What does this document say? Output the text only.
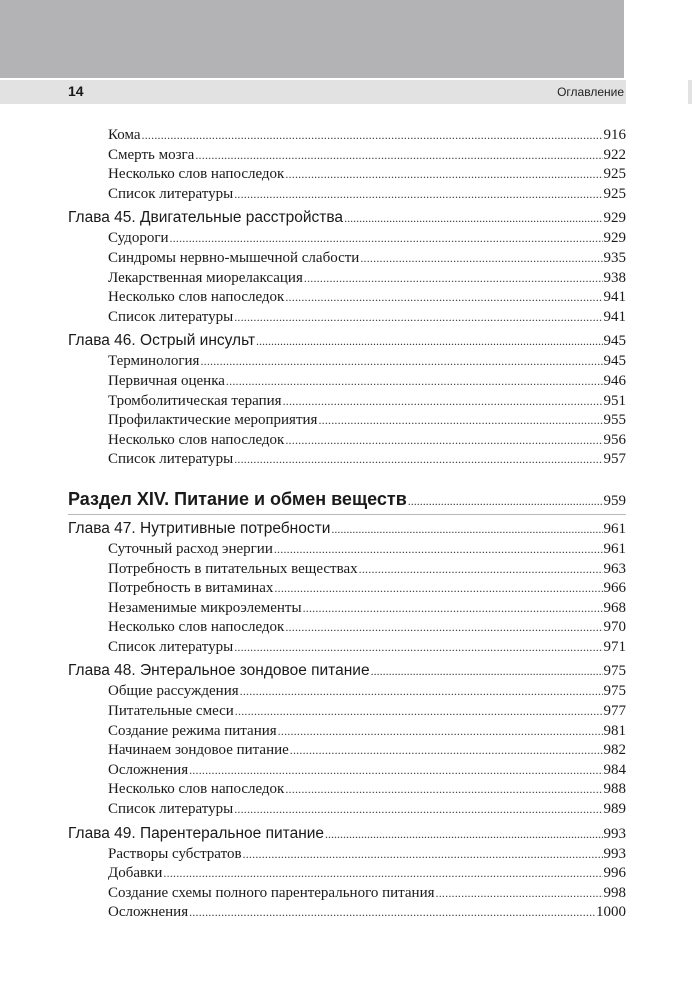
14	Оглавление
Кома .....	916
Смерть мозга .....	922
Несколько слов напоследок .....	925
Список литературы .....	925
Глава 45. Двигательные расстройства .....	929
Судороги .....	929
Синдромы нервно-мышечной слабости .....	935
Лекарственная миорелаксация .....	938
Несколько слов напоследок .....	941
Список литературы .....	941
Глава 46. Острый инсульт .....	945
Терминология .....	945
Первичная оценка .....	946
Тромболитическая терапия .....	951
Профилактические мероприятия .....	955
Несколько слов напоследок .....	956
Список литературы .....	957
Раздел XIV. Питание и обмен веществ .....	959
Глава 47. Нутритивные потребности .....	961
Суточный расход энергии .....	961
Потребность в питательных веществах .....	963
Потребность в витаминах .....	966
Незаменимые микроэлементы .....	968
Несколько слов напоследок .....	970
Список литературы .....	971
Глава 48. Энтеральное зондовое питание .....	975
Общие рассуждения .....	975
Питательные смеси .....	977
Создание режима питания .....	981
Начинаем зондовое питание .....	982
Осложнения .....	984
Несколько слов напоследок .....	988
Список литературы .....	989
Глава 49. Парентеральное питание .....	993
Растворы субстратов .....	993
Добавки .....	996
Создание схемы полного парентерального питания .....	998
Осложнения .....	1000
